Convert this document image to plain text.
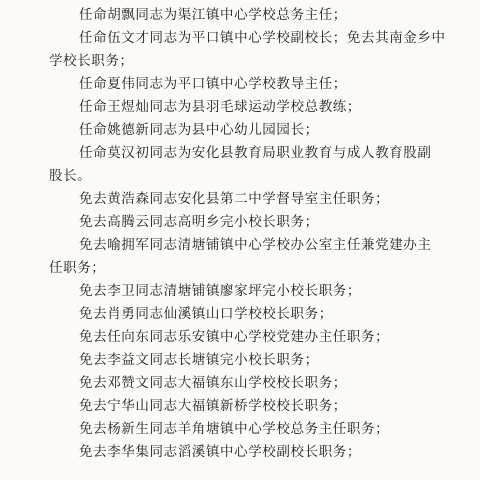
任命胡飘同志为渠江镇中心学校总务主任；
任命伍文才同志为平口镇中心学校副校长；免去其南金乡中
学校长职务；
任命夏伟同志为平口镇中心学校教导主任；
任命王煜灿同志为县羽毛球运动学校总教练；
任命姚德新同志为县中心幼儿园园长；
任命莫汉初同志为安化县教育局职业教育与成人教育股副
股长。
免去黄浩森同志安化县第二中学督导室主任职务；
免去高腾云同志高明乡完小校长职务；
免去喻拥军同志清塘铺镇中心学校办公室主任兼党建办主
任职务；
免去李卫同志清塘铺镇廖家坪完小校长职务；
免去肖勇同志仙溪镇山口学校校长职务；
免去任向东同志乐安镇中心学校党建办主任职务；
免去李益文同志长塘镇完小校长职务；
免去邓赞文同志大福镇东山学校校长职务；
免去宁华山同志大福镇新桥学校校长职务；
免去杨新生同志羊角塘镇中心学校总务主任职务；
免去李华集同志滔溪镇中心学校副校长职务；
